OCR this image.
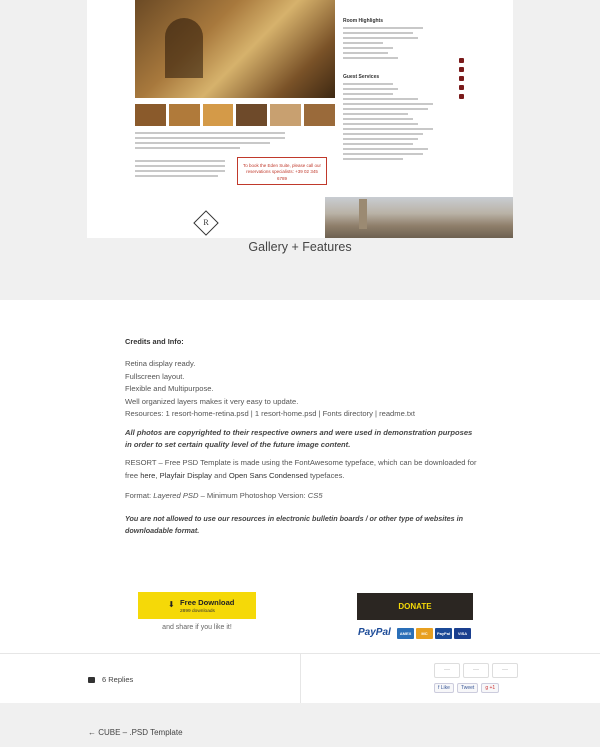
To book the Eden Suite, please call our
reservations specialists: +39 02 345 6789
R
Room Highlights
Guest Services
Gallery + Features
Credits and Info:
Retina display ready.
Fullscreen layout.
Flexible and Multipurpose.
Well organized layers makes it very easy to update.
Resources: 1 resort-home-retina.psd | 1 resort-home.psd | Fonts directory | readme.txt
All photos are copyrighted to their respective owners and were used in demonstration purposes in order to set certain quality level of the future image content.
RESORT – Free PSD Template is made using the FontAwesome typeface, which can be downloaded for free here, Playfair Display and Open Sans Condensed typefaces.
Format: Layered PSD – Minimum Photoshop Version: CS5
You are not allowed to use our resources in electronic bulletin boards / or other type of websites in downloadable format.
⬇ Free Download
2899 downloads
and share if you like it!
DONATE
PayPal	AMEX	MC	PayPal	VISA
6 Replies
—	—	—
f Like	Tweet	g +1
← CUBE – .PSD Template
